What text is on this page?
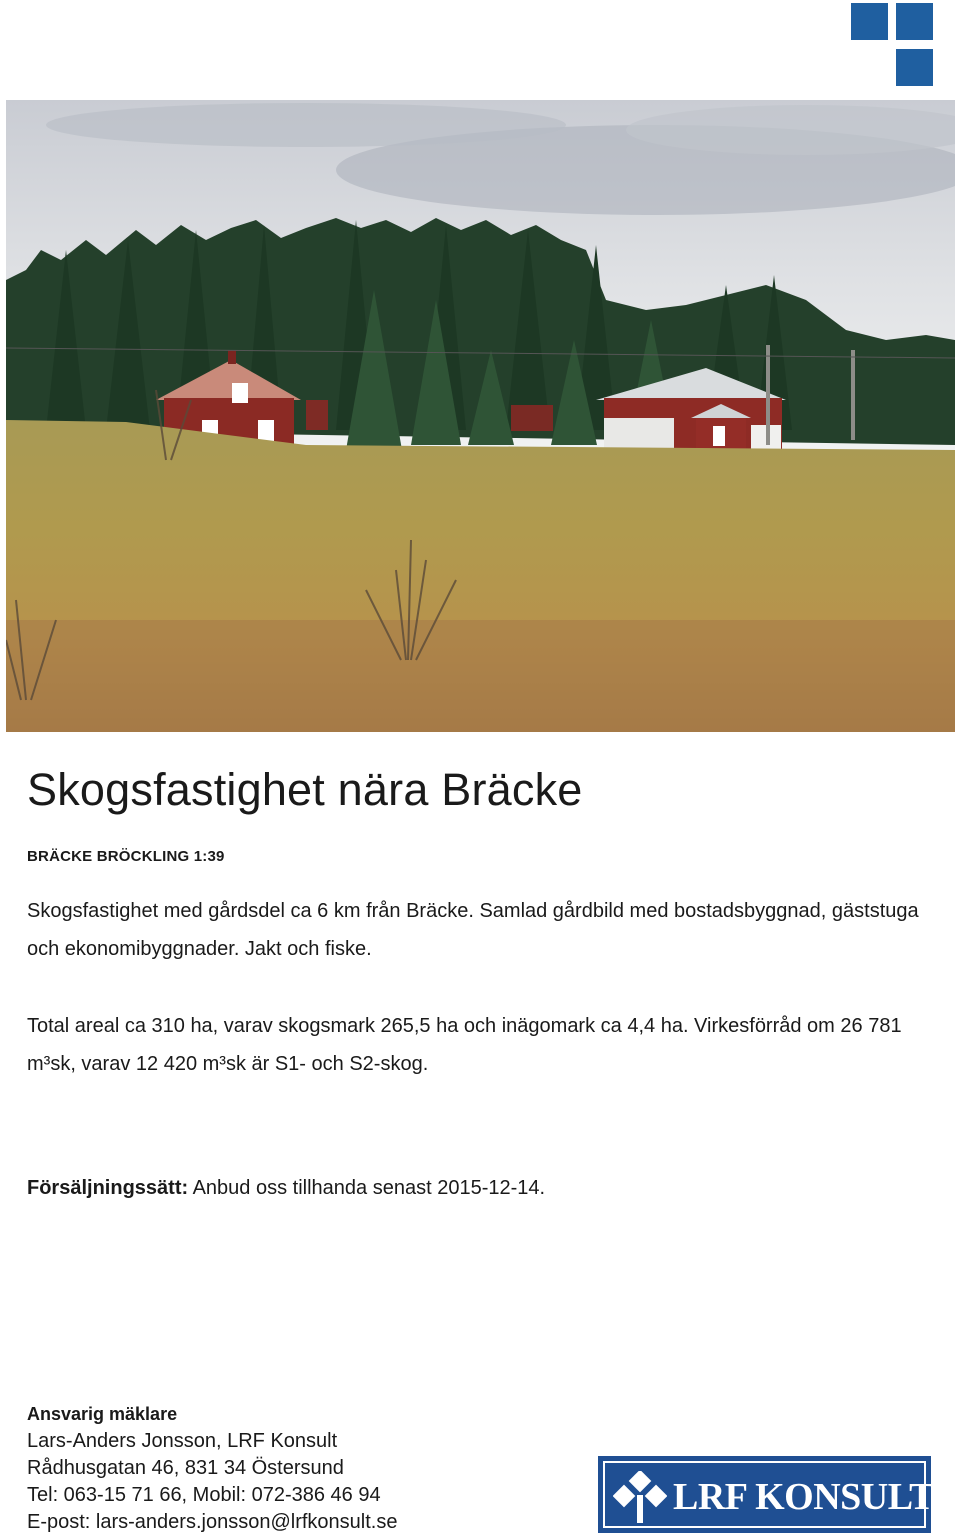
Skogsfastighet nära Bräcke
BRÄCKE BRÖCKLING 1:39

Skogsfastighet med gårdsdel ca 6 km från Bräcke. Samlad gårdbild med bostadsbyggnad, gäststuga och ekonomibyggnader. Jakt och fiske.

Total areal ca 310 ha, varav skogsmark 265,5 ha och inägomark ca 4,4 ha. Virkesförråd om 26 781 m³sk, varav 12 420 m³sk är S1- och S2-skog.

Försäljningssätt: Anbud oss tillhanda senast 2015-12-14.
Ansvarig mäklare
Lars-Anders Jonsson, LRF Konsult
Rådhusgatan 46, 831 34 Östersund
Tel: 063-15 71 66, Mobil: 072-386 46 94
E-post: lars-anders.jonsson@lrfkonsult.se
LRF KONSULT
